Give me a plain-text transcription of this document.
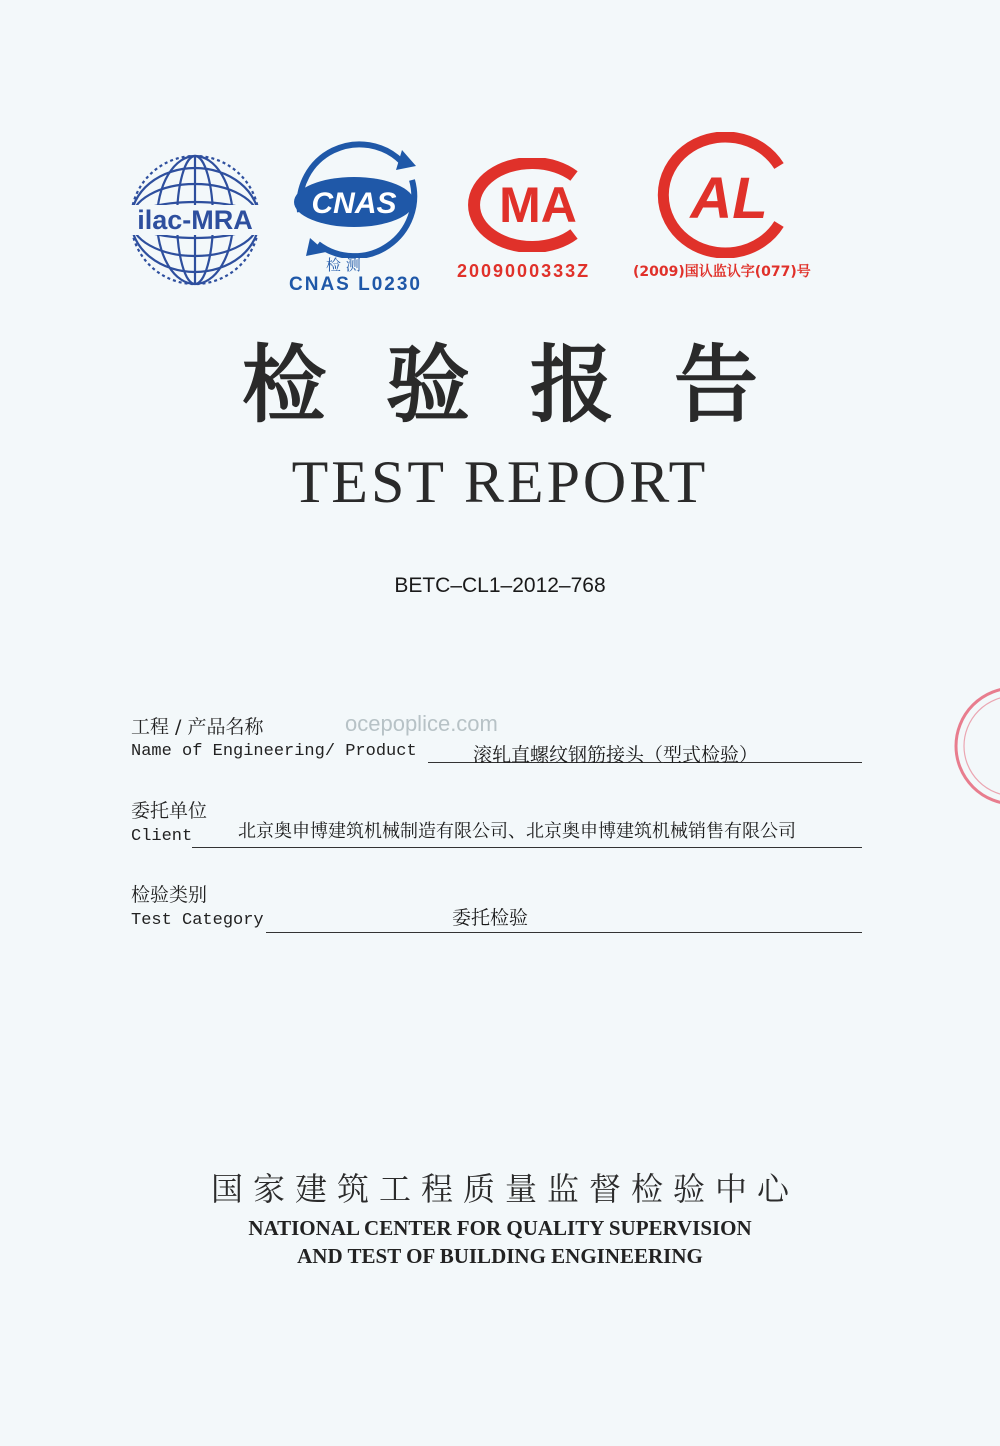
ilac-MRA CNAS
检 测
CNAS L0230
MA
2009000333Z
AL
(2009)国认监认字(077)号
检验报告
TEST REPORT
BETC–CL1–2012–768
工程 / 产品名称	ocepoplice.com
Name of Engineering/ Product	滚轧直螺纹钢筋接头（型式检验）
委托单位
Client	北京奥申博建筑机械制造有限公司、北京奥申博建筑机械销售有限公司
检验类别
Test Category	委托检验
国家建筑工程质量监督检验中心
NATIONAL CENTER FOR QUALITY SUPERVISION
AND TEST OF BUILDING ENGINEERING
